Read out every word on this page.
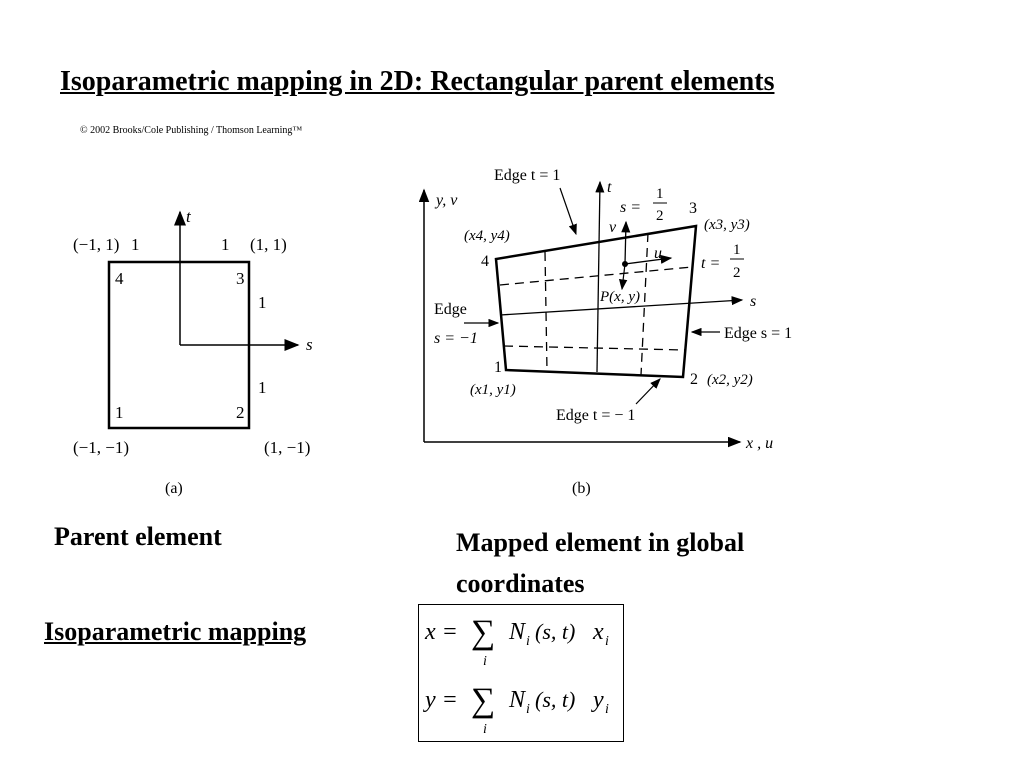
Isoparametric mapping in 2D: Rectangular parent elements
© 2002 Brooks/Cole Publishing / Thomson Learning™
t
s
(−1, 1) 1	1 (1, 1)
4	3
1
1
1	2
(−1, −1)	(1, −1)
(a)
y, v
x , u
t
s
u
v
P(x, y)
s =
1
2
t =
1
2
Edge t = 1
Edge
s = −1	Edge s = 1
Edge t = − 1
4
(x4, y4)
3
(x3, y3)
1
(x1, y1)
2 (x2, y2)
(b)
Parent element	Mapped element in global coordinates
Isoparametric mapping	x = ∑
i
N i (s, t) x i
y = ∑
i
N i (s, t) y i
